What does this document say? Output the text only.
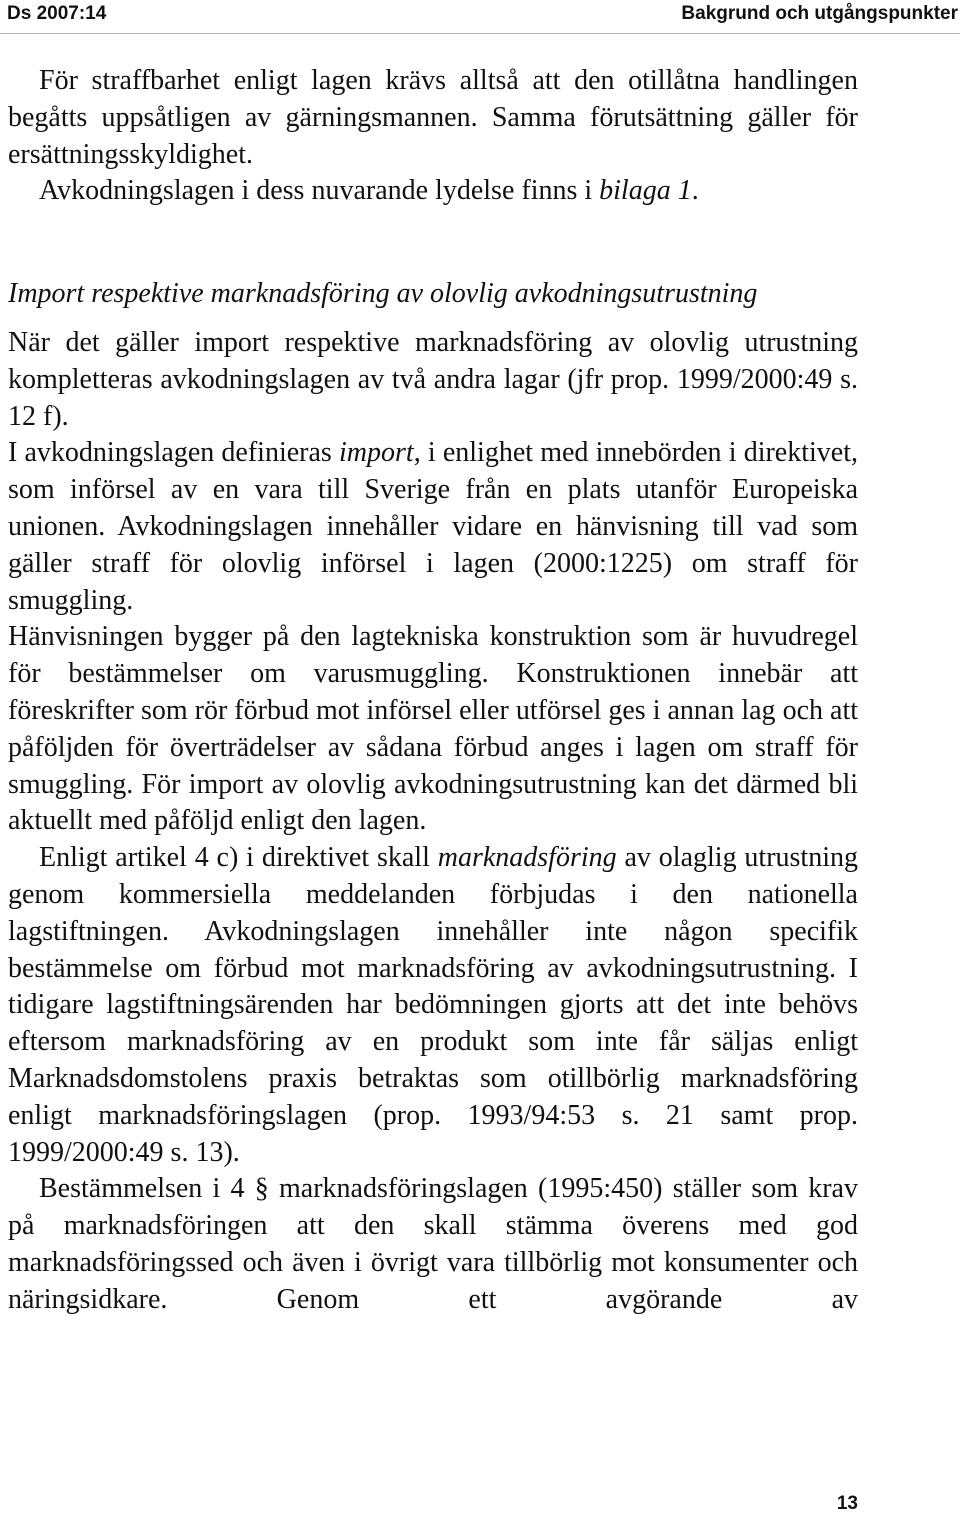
Ds 2007:14	Bakgrund och utgångspunkter

För straffbarhet enligt lagen krävs alltså att den otillåtna handlingen begåtts uppsåtligen av gärningsmannen. Samma förutsättning gäller för ersättningsskyldighet.

Avkodningslagen i dess nuvarande lydelse finns i bilaga 1.

Import respektive marknadsföring av olovlig avkodningsutrustning

När det gäller import respektive marknadsföring av olovlig utrustning kompletteras avkodningslagen av två andra lagar (jfr prop. 1999/2000:49 s. 12 f).

I avkodningslagen definieras import, i enlighet med innebörden i direktivet, som införsel av en vara till Sverige från en plats utanför Europeiska unionen. Avkodningslagen innehåller vidare en hänvisning till vad som gäller straff för olovlig införsel i lagen (2000:1225) om straff för smuggling.

Hänvisningen bygger på den lagtekniska konstruktion som är huvudregel för bestämmelser om varusmuggling. Konstruktionen innebär att föreskrifter som rör förbud mot införsel eller utförsel ges i annan lag och att påföljden för överträdelser av sådana förbud anges i lagen om straff för smuggling. För import av olovlig avkodningsutrustning kan det därmed bli aktuellt med påföljd enligt den lagen.

Enligt artikel 4 c) i direktivet skall marknadsföring av olaglig utrustning genom kommersiella meddelanden förbjudas i den nationella lagstiftningen. Avkodningslagen innehåller inte någon specifik bestämmelse om förbud mot marknadsföring av avkodningsutrustning. I tidigare lagstiftningsärenden har bedömningen gjorts att det inte behövs eftersom marknadsföring av en produkt som inte får säljas enligt Marknadsdomstolens praxis betraktas som otillbörlig marknadsföring enligt marknadsföringslagen (prop. 1993/94:53 s. 21 samt prop. 1999/2000:49 s. 13).

Bestämmelsen i 4 § marknadsföringslagen (1995:450) ställer som krav på marknadsföringen att den skall stämma överens med god marknadsföringssed och även i övrigt vara tillbörlig mot konsumenter och näringsidkare. Genom ett avgörande av

13
